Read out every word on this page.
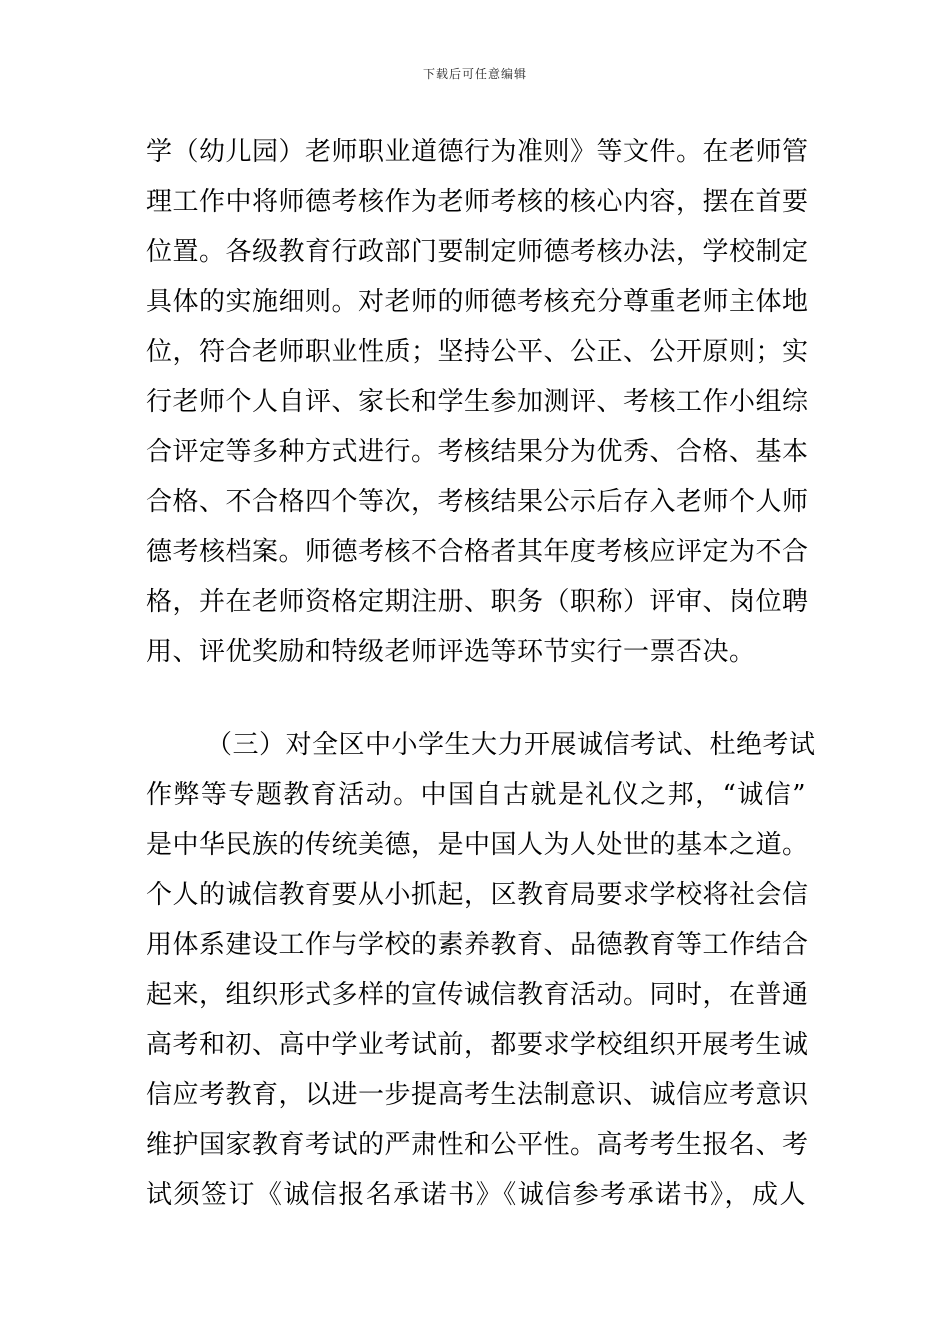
下载后可任意编辑
学（幼儿园）老师职业道德行为准则》等文件。在老师管
理工作中将师德考核作为老师考核的核心内容，摆在首要
位置。各级教育行政部门要制定师德考核办法，学校制定
具体的实施细则。对老师的师德考核充分尊重老师主体地
位，符合老师职业性质；坚持公平、公正、公开原则；实
行老师个人自评、家长和学生参加测评、考核工作小组综
合评定等多种方式进行。考核结果分为优秀、合格、基本
合格、不合格四个等次，考核结果公示后存入老师个人师
德考核档案。师德考核不合格者其年度考核应评定为不合
格，并在老师资格定期注册、职务（职称）评审、岗位聘
用、评优奖励和特级老师评选等环节实行一票否决。
（三）对全区中小学生大力开展诚信考试、杜绝考试
作弊等专题教育活动。中国自古就是礼仪之邦，“诚信”
是中华民族的传统美德，是中国人为人处世的基本之道。
个人的诚信教育要从小抓起，区教育局要求学校将社会信
用体系建设工作与学校的素养教育、品德教育等工作结合
起来，组织形式多样的宣传诚信教育活动。同时，在普通
高考和初、高中学业考试前，都要求学校组织开展考生诚
信应考教育，以进一步提高考生法制意识、诚信应考意识
维护国家教育考试的严肃性和公平性。高考考生报名、考
试须签订《诚信报名承诺书》《诚信参考承诺书》，成人
